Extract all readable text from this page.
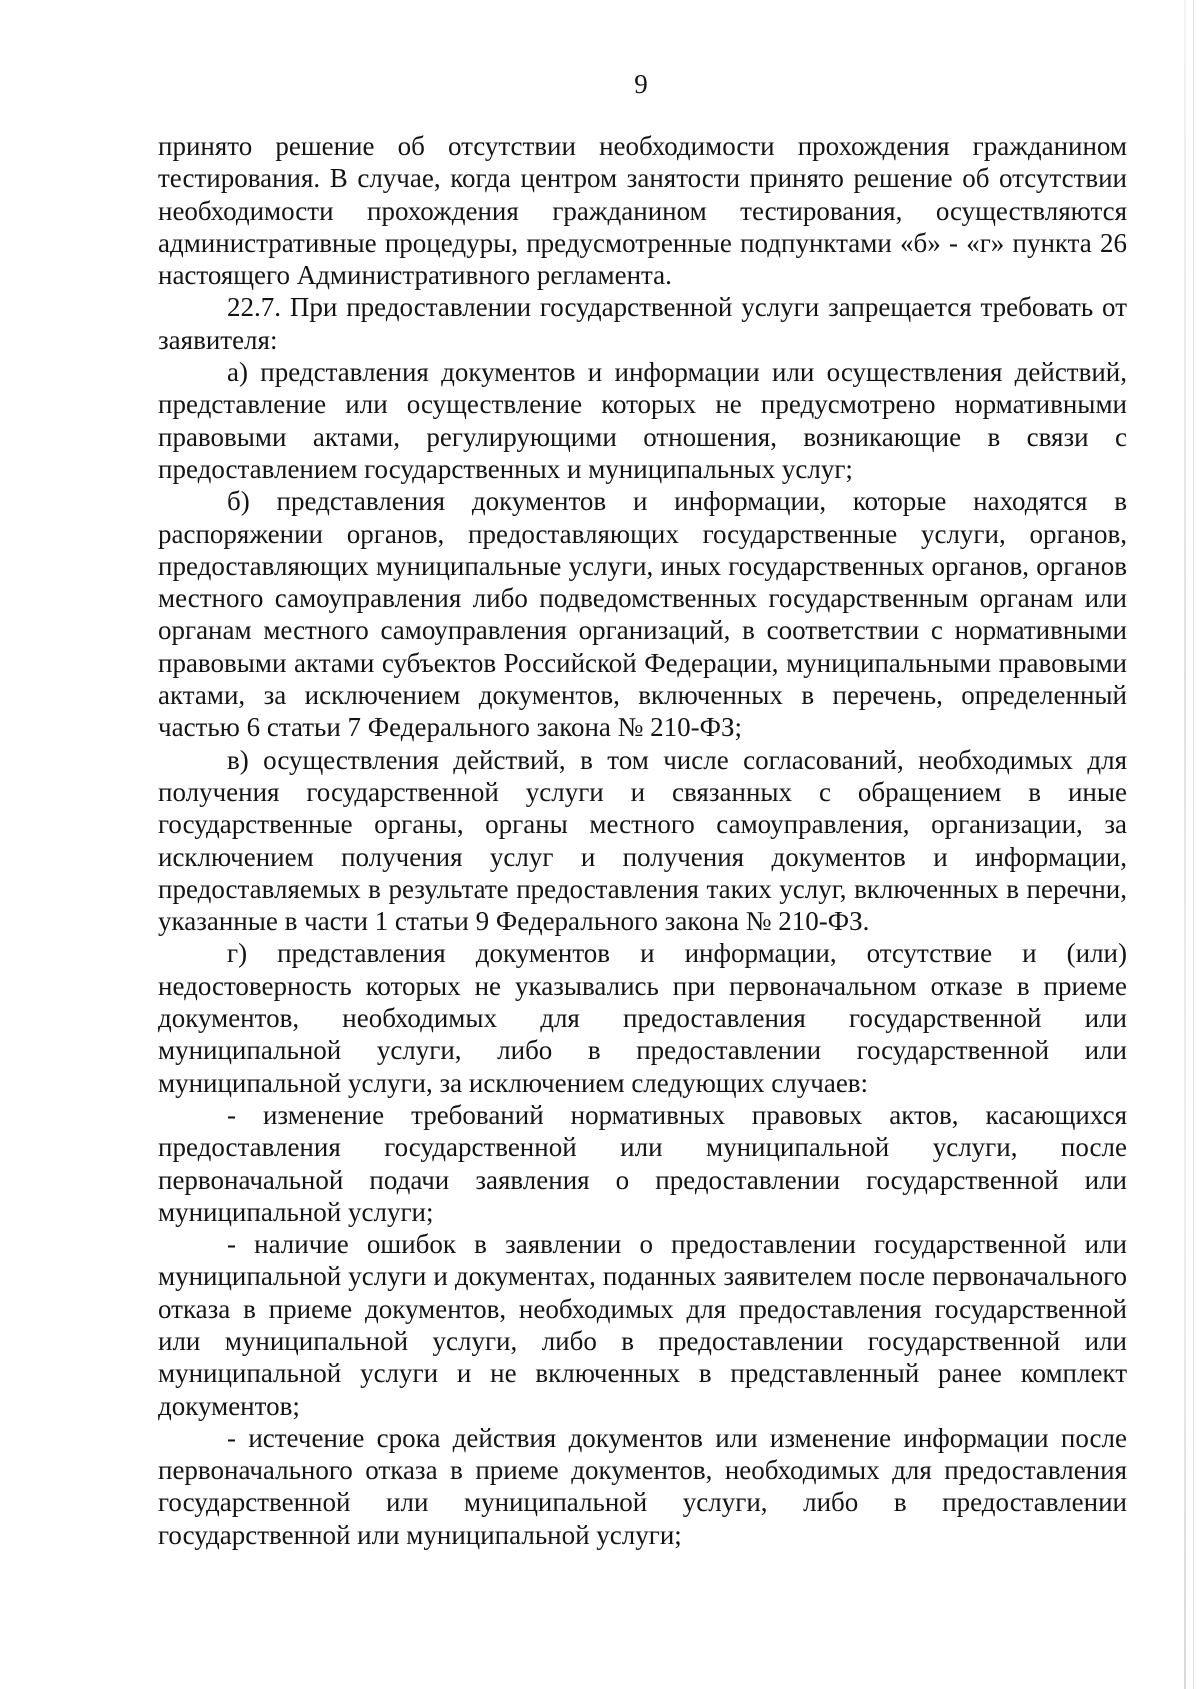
9

принято решение об отсутствии необходимости прохождения гражданином тестирования. В случае, когда центром занятости принято решение об отсутствии необходимости прохождения гражданином тестирования, осуществляются административные процедуры, предусмотренные подпунктами «б» - «г» пункта 26 настоящего Административного регламента.

22.7. При предоставлении государственной услуги запрещается требовать от заявителя:

а) представления документов и информации или осуществления действий, представление или осуществление которых не предусмотрено нормативными правовыми актами, регулирующими отношения, возникающие в связи с предоставлением государственных и муниципальных услуг;

б) представления документов и информации, которые находятся в распоряжении органов, предоставляющих государственные услуги, органов, предоставляющих муниципальные услуги, иных государственных органов, органов местного самоуправления либо подведомственных государственным органам или органам местного самоуправления организаций, в соответствии с нормативными правовыми актами субъектов Российской Федерации, муниципальными правовыми актами, за исключением документов, включенных в перечень, определенный частью 6 статьи 7 Федерального закона № 210-ФЗ;

в) осуществления действий, в том числе согласований, необходимых для получения государственной услуги и связанных с обращением в иные государственные органы, органы местного самоуправления, организации, за исключением получения услуг и получения документов и информации, предоставляемых в результате предоставления таких услуг, включенных в перечни, указанные в части 1 статьи 9 Федерального закона № 210-ФЗ.

г) представления документов и информации, отсутствие и (или) недостоверность которых не указывались при первоначальном отказе в приеме документов, необходимых для предоставления государственной или муниципальной услуги, либо в предоставлении государственной или муниципальной услуги, за исключением следующих случаев:

- изменение требований нормативных правовых актов, касающихся предоставления государственной или муниципальной услуги, после первоначальной подачи заявления о предоставлении государственной или муниципальной услуги;

- наличие ошибок в заявлении о предоставлении государственной или муниципальной услуги и документах, поданных заявителем после первоначального отказа в приеме документов, необходимых для предоставления государственной или муниципальной услуги, либо в предоставлении государственной или муниципальной услуги и не включенных в представленный ранее комплект документов;

- истечение срока действия документов или изменение информации после первоначального отказа в приеме документов, необходимых для предоставления государственной или муниципальной услуги, либо в предоставлении государственной или муниципальной услуги;
